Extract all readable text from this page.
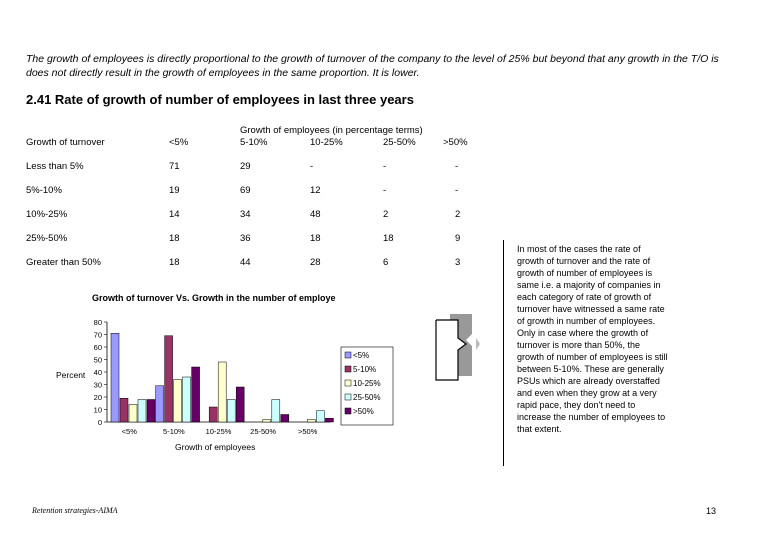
The growth of employees is directly proportional to the growth of turnover of the company to the level of 25% but beyond that any growth in the T/O is does not directly result in the growth of employees in the same proportion. It is lower.
2.41 Rate of growth of number of employees in last three years
Growth of employees (in percentage terms)
Growth of turnover	<5%	5-10%	10-25%	25-50%	>50%
Less than 5%	71	29	-	-	-
5%-10%	19	69	12	-	-
10%-25%	14	34	48	2	2
25%-50%	18	36	18	18	9
Greater than 50%	18	44	28	6	3
Growth of turnover Vs. Growth in the number of employe
Percent
Growth of employees
0
10
20
30
40
50
60
70
80
<5%	5-10%	10-25% 25-50%	>50%
<5%
5-10%
10-25%
25-50%
>50%
In most of the cases the rate of growth of turnover and the rate of growth of number of employees is same i.e. a majority of companies in each category of rate of growth of turnover have witnessed a same rate of growth in number of employees. Only in case where the growth of turnover is more than 50%, the growth of number of employees is still between 5-10%. These are generally PSUs which are already overstaffed and even when they grow at a very rapid pace, they don't need to increase the number of employees to that extent.
Retention strategies-AIMA	13
